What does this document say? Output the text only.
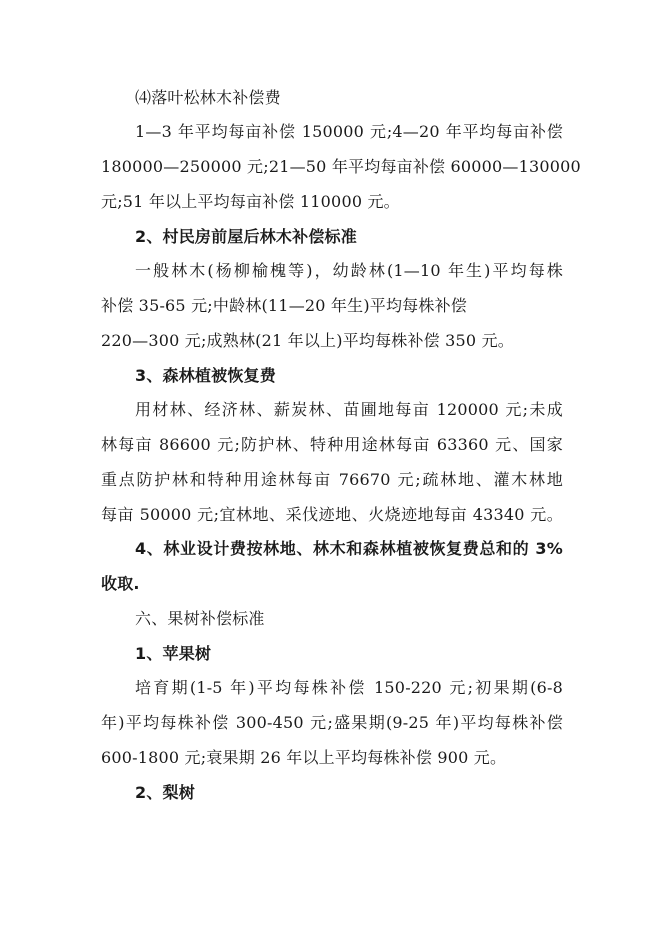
⑷落叶松林木补偿费
1—3 年平均每亩补偿 150000 元;4—20 年平均每亩补偿
180000—250000 元;21—50 年平均每亩补偿 60000—130000
元;51 年以上平均每亩补偿 110000 元。
2、村民房前屋后林木补偿标准
一般林木(杨柳榆槐等)，幼龄林(1—10 年生)平均每株
补偿 35-65 元;中龄林(11—20 年生)平均每株补偿
220—300 元;成熟林(21 年以上)平均每株补偿 350 元。
3、森林植被恢复费
用材林、经济林、薪炭林、苗圃地每亩 120000 元;未成
林每亩 86600 元;防护林、特种用途林每亩 63360 元、国家
重点防护林和特种用途林每亩 76670 元;疏林地、灌木林地
每亩 50000 元;宜林地、采伐迹地、火烧迹地每亩 43340 元。
4、林业设计费按林地、林木和森林植被恢复费总和的 3%
收取.
六、果树补偿标准
1、苹果树
培育期(1-5 年)平均每株补偿 150-220 元;初果期(6-8
年)平均每株补偿 300-450 元;盛果期(9-25 年)平均每株补偿
600-1800 元;衰果期 26 年以上平均每株补偿 900 元。
2、梨树
